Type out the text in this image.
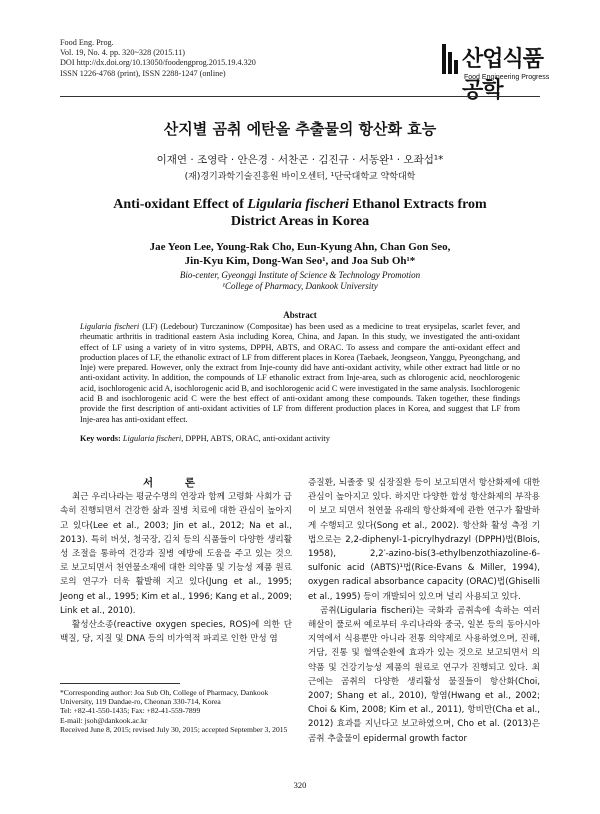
Food Eng. Prog.
Vol. 19, No. 4. pp. 320~328 (2015.11)
DOI http://dx.doi.org/10.13050/foodengprog.2015.19.4.320
ISSN 1226-4768 (print), ISSN 2288-1247 (online)
산업식품공학
Food Engineering Progress
산지별 곰취 에탄올 추출물의 항산화 효능
이재연 · 조영락 · 안은경 · 서찬곤 · 김진규 · 서동완¹ · 오좌섭¹*
(재)경기과학기술진흥원 바이오센터, ¹단국대학교 약학대학
Anti-oxidant Effect of Ligularia fischeri Ethanol Extracts from
District Areas in Korea
Jae Yeon Lee, Young-Rak Cho, Eun-Kyung Ahn, Chan Gon Seo,
Jin-Kyu Kim, Dong-Wan Seo¹, and Joa Sub Oh¹*
Bio-center, Gyeonggi Institute of Science & Technology Promotion
¹College of Pharmacy, Dankook University
Abstract
Ligularia fischeri (LF) (Ledebour) Turczaninow (Compositae) has been used as a medicine to treat erysipelas, scarlet fever, and rheumatic arthritis in traditional eastern Asia including Korea, China, and Japan. In this study, we investigated the anti-oxidant effect of LF using a variety of in vitro systems, DPPH, ABTS, and ORAC. To assess and compare the anti-oxidant effect and production places of LF, the ethanolic extract of LF from different places in Korea (Taebaek, Jeongseon, Yanggu, Pyeongchang, and Inje) were prepared. However, only the extract from Inje-county did have anti-oxidant activity, while other extract had little or no anti-oxidant activity. In addition, the compounds of LF ethanolic extract from Inje-area, such as chlorogenic acid, neochlorogenic acid, isochlorogenic acid A, isochlorogenic acid B, and isochlorogenic acid C were investigated in the same analysis. Isochlorogenic acid B and isochlorogenic acid C were the best effect of anti-oxidant among these compounds. Taken together, these findings provide the first description of anti-oxidant activities of LF from different production places in Korea, and suggest that LF from Inje-area has anti-oxidant effect.
Key words: Ligularia fischeri, DPPH, ABTS, ORAC, anti-oxidant activity

서 론

최근 우리나라는 평균수명의 연장과 함께 고령화 사회가 급속히 진행되면서 건강한 삶과 질병 치료에 대한 관심이 높아지고 있다(Lee et al., 2003; Jin et al., 2012; Na et al., 2013). 특히 버섯, 청국장, 김치 등의 식품들이 다양한 생리활성 조절을 통하여 건강과 질병 예방에 도움을 주고 있는 것으로 보고되면서 천연물소재에 대한 의약품 및 기능성 제품 원료로의 연구가 더욱 활발해 지고 있다(Jung et al., 1995; Jeong et al., 1995; Kim et al., 1996; Kang et al., 2009; Link et al., 2010).

활성산소종(reactive oxygen species, ROS)에 의한 단백질, 당, 지질 및 DNA 등의 비가역적 파괴로 인한 만성 염

증질환, 뇌졸중 및 심장질환 등이 보고되면서 항산화제에 대한 관심이 높아지고 있다. 하지만 다양한 합성 항산화제의 부작용이 보고 되면서 천연물 유래의 항산화제에 관한 연구가 활발하게 수행되고 있다(Song et al., 2002). 항산화 활성 측정 기법으로는 2,2-diphenyl-1-picrylhydrazyl (DPPH)법(Blois, 1958), 2,2′-azino-bis(3-ethylbenzothiazoline-6-sulfonic acid (ABTS)¹법(Rice-Evans & Miller, 1994), oxygen radical absorbance capacity (ORAC)법(Ghiselli et al., 1995) 등이 개발되어 있으며 널리 사용되고 있다.

곰취(Ligularia fischeri)는 국화과 곰취속에 속하는 여러해살이 풀로써 예로부터 우리나라와 중국, 일본 등의 동아시아 지역에서 식용뿐만 아니라 전통 의약제로 사용하였으며, 진해, 거담, 진통 및 혈액순환에 효과가 있는 것으로 보고되면서 의약품 및 건강기능성 제품의 원료로 연구가 진행되고 있다. 최근에는 곰취의 다양한 생리활성 물질들이 항산화(Choi, 2007; Shang et al., 2010), 항염(Hwang et al., 2002; Choi & Kim, 2008; Kim et al., 2011), 항비만(Cha et al., 2012) 효과를 지닌다고 보고하였으며, Cho et al. (2013)은 곰취 추출물이 epidermal growth factor

*Corresponding author: Joa Sub Oh, College of Pharmacy, Dankook University, 119 Dandae-ro, Cheonan 330-714, Korea
Tel: +82-41-550-1435; Fax: +82-41-559-7899
E-mail: jsoh@dankook.ac.kr
Received June 8, 2015; revised July 30, 2015; accepted September 3, 2015
320
